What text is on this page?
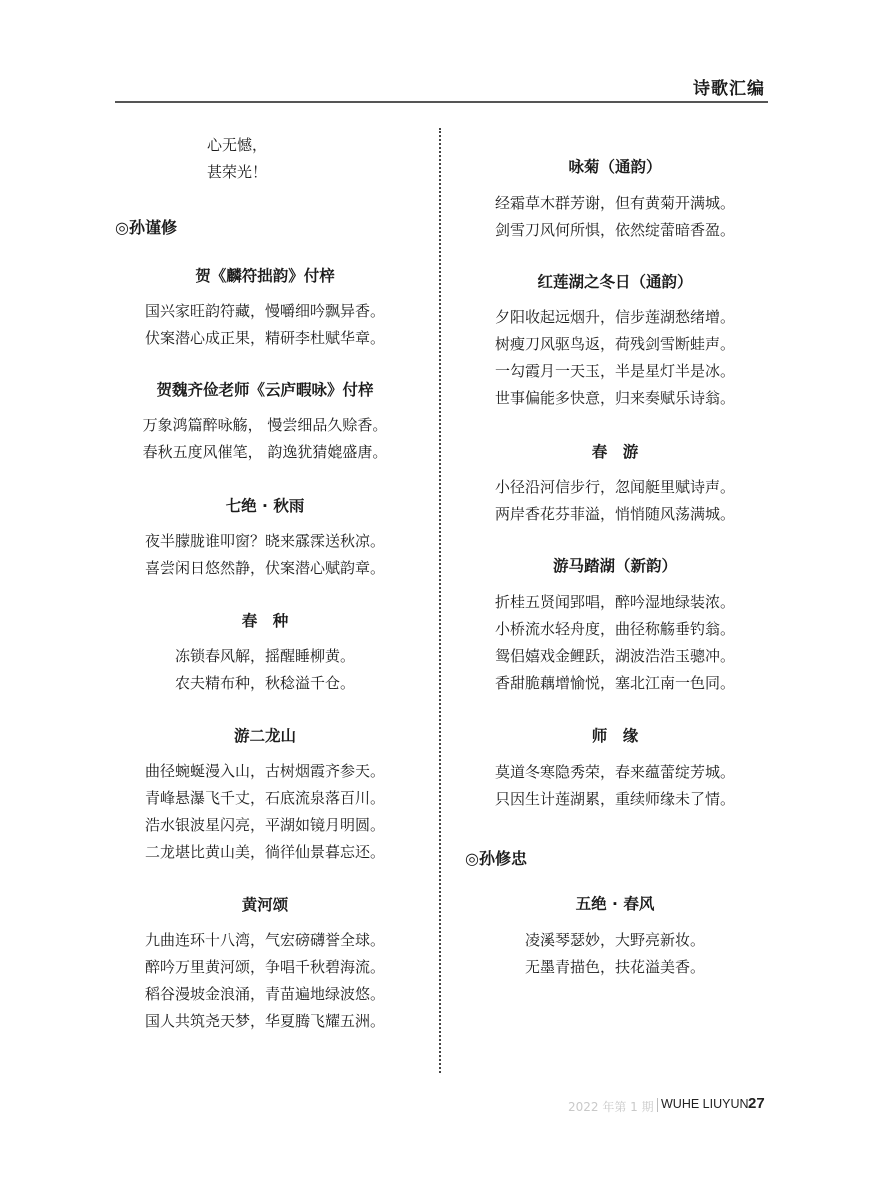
诗歌汇编
心无憾，
甚荣光！
◎孙谨修
贺《麟符拙韵》付梓
国兴家旺韵符藏，慢嚼细吟飘异香。
伏案潜心成正果，精研李杜赋华章。
贺魏齐俭老师《云庐暇咏》付梓
万象鸿篇醉咏觞， 慢尝细品久赊香。
春秋五度风催笔， 韵逸犹猜媲盛唐。
七绝 · 秋雨
夜半朦胧谁叩窗？晓来霡霂送秋凉。
喜尝闲日悠然静，伏案潜心赋韵章。
春　种
冻锁春风解，摇醒睡柳黄。
农夫精布种，秋稔溢千仓。
游二龙山
曲径蜿蜒漫入山，古树烟霞齐参天。
青峰悬瀑飞千丈，石底流泉落百川。
浩水银波星闪亮，平湖如镜月明圆。
二龙堪比黄山美，徜徉仙景暮忘还。
黄河颂
九曲连环十八湾，气宏磅礴誉全球。
醉吟万里黄河颂，争唱千秋碧海流。
稻谷漫坡金浪涌，青苗遍地绿波悠。
国人共筑尧天梦，华夏腾飞耀五洲。
咏菊（通韵）
经霜草木群芳谢，但有黄菊开满城。
剑雪刀风何所惧，依然绽蕾暗香盈。
红莲湖之冬日（通韵）
夕阳收起远烟升，信步莲湖愁绪增。
树瘦刀风驱鸟返，荷残剑雪断蛙声。
一勾霞月一天玉，半是星灯半是冰。
世事偏能多快意，归来奏赋乐诗翁。
春　游
小径沿河信步行，忽闻艇里赋诗声。
两岸香花芬菲溢，悄悄随风荡满城。
游马踏湖（新韵）
折桂五贤闻郢唱，醉吟湿地绿装浓。
小桥流水轻舟度，曲径称觞垂钓翁。
鸳侣嬉戏金鲤跃，湖波浩浩玉骢冲。
香甜脆藕增愉悦，塞北江南一色同。
师　缘
莫道冬寒隐秀荣，春来蕴蕾绽芳城。
只因生计莲湖累，重续师缘未了情。
◎孙修忠
五绝 · 春风
凌溪琴瑟妙，大野亮新妆。
无墨青描色，扶花溢美香。
2022 年第 1 期 WUHE LIUYUN 27
